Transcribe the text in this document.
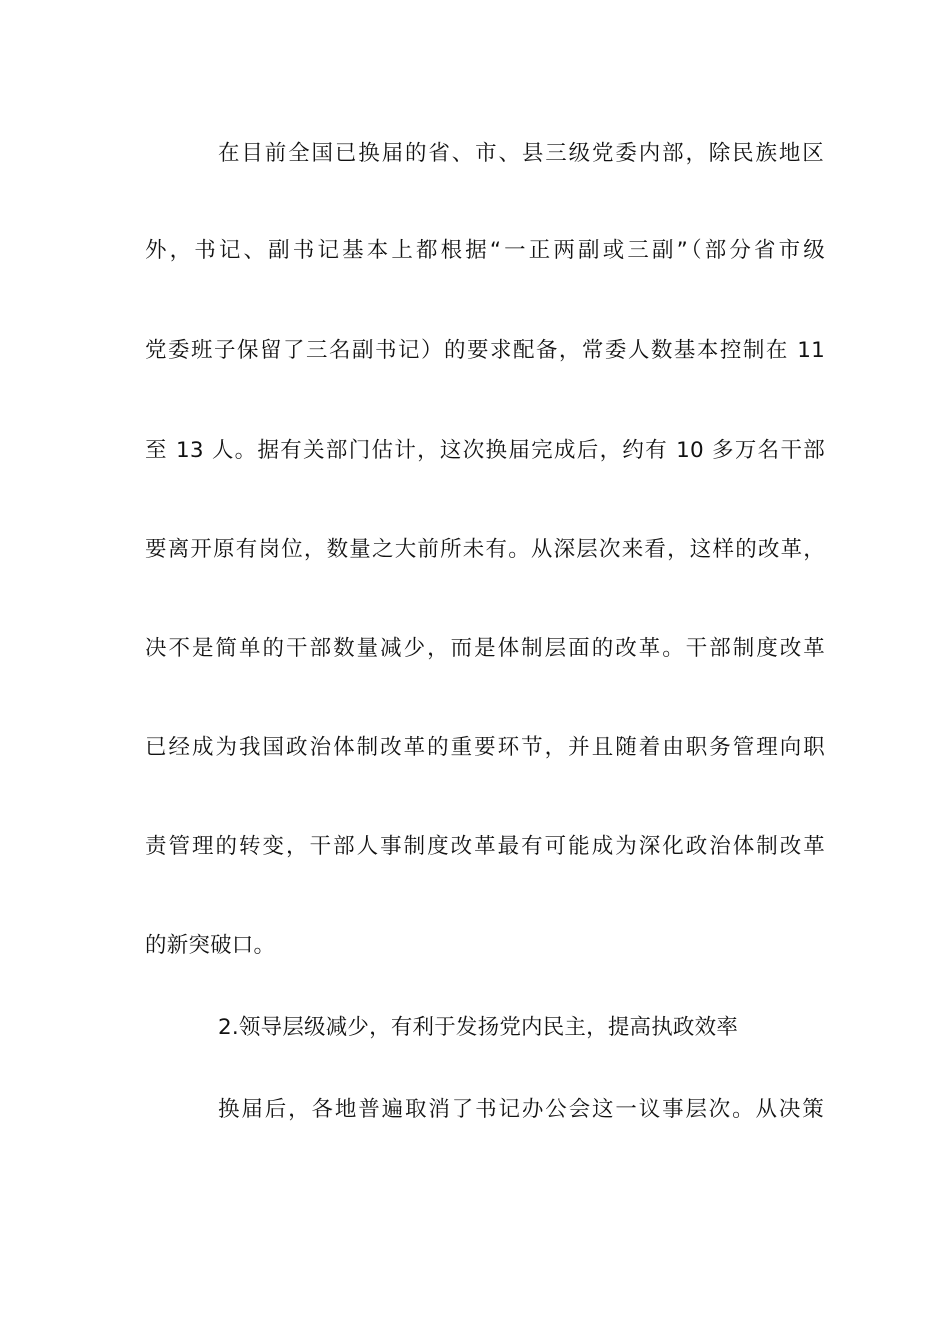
在目前全国已换届的省、市、县三级党委内部，除民族地区
外，书记、副书记基本上都根据“一正两副或三副”（部分省市级
党委班子保留了三名副书记）的要求配备，常委人数基本控制在 11
至 13 人。据有关部门估计，这次换届完成后，约有 10 多万名干部
要离开原有岗位，数量之大前所未有。从深层次来看，这样的改革，
决不是简单的干部数量减少，而是体制层面的改革。干部制度改革
已经成为我国政治体制改革的重要环节，并且随着由职务管理向职
责管理的转变，干部人事制度改革最有可能成为深化政治体制改革
的新突破口。
2.领导层级减少，有利于发扬党内民主，提高执政效率
换届后，各地普遍取消了书记办公会这一议事层次。从决策
